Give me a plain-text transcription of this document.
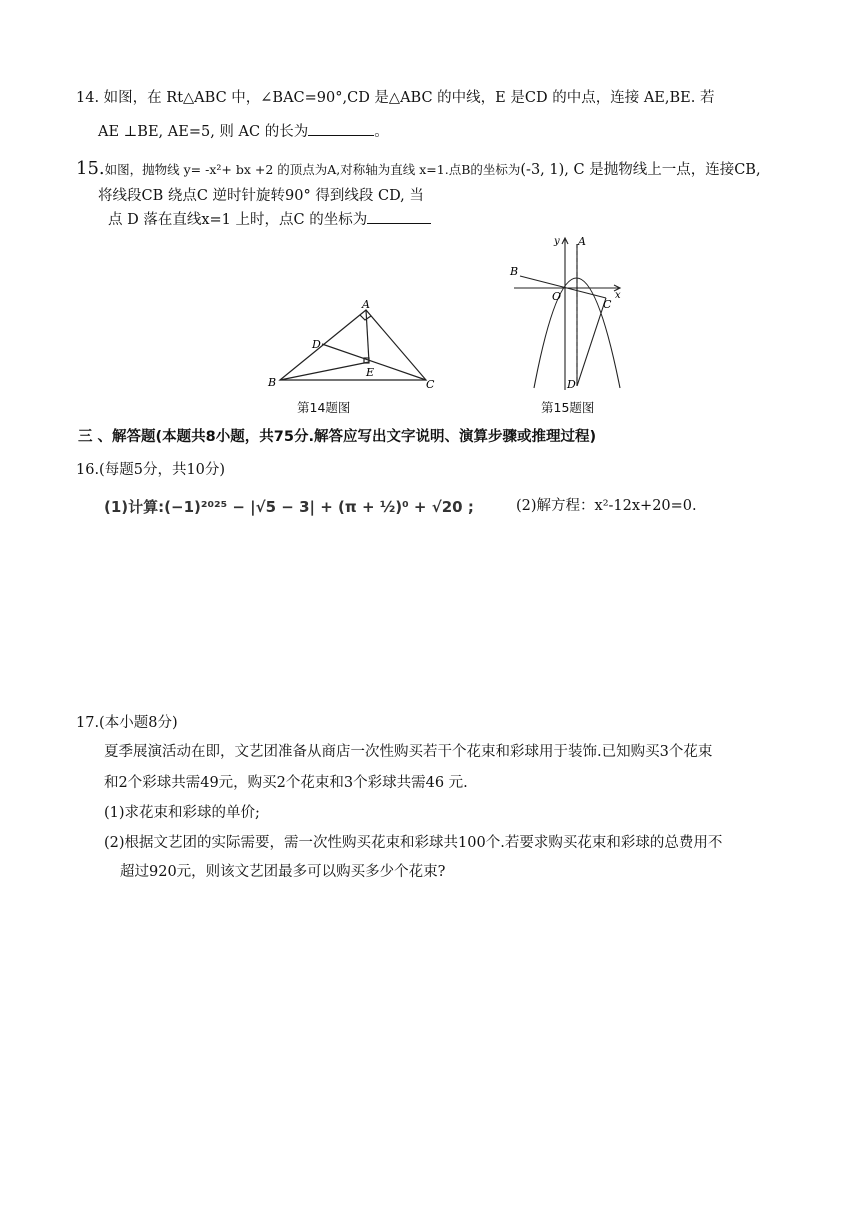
14. 如图，在 Rt△ABC 中，∠BAC=90°,CD 是△ABC 的中线，E 是CD 的中点，连接 AE,BE. 若
AE ⊥BE, AE=5, 则 AC 的长为	。
15.如图，抛物线 y= -x²+ bx +2 的顶点为A,对称轴为直线 x=1.点B的坐标为(-3, 1), C 是抛物线上一点，连接CB,
将线段CB 绕点C 逆时针旋转90° 得到线段 CD, 当
点 D 落在直线x=1 上时，点C 的坐标为
A
B	C
D
E
第14题图
y
x
A
B
O
C
D
第15题图
三 、解答题(本题共8小题，共75分.解答应写出文字说明、演算步骤或推理过程)
16.(每题5分，共10分)
(1)计算:(−1)²⁰²⁵ − |√5 − 3| + (π + ½)⁰ + √20 ;	(2)解方程：x²-12x+20=0.
17.(本小题8分)
夏季展演活动在即，文艺团准备从商店一次性购买若干个花束和彩球用于装饰.已知购买3个花束
和2个彩球共需49元，购买2个花束和3个彩球共需46 元.
(1)求花束和彩球的单价;
(2)根据文艺团的实际需要，需一次性购买花束和彩球共100个.若要求购买花束和彩球的总费用不
超过920元，则该文艺团最多可以购买多少个花束?
